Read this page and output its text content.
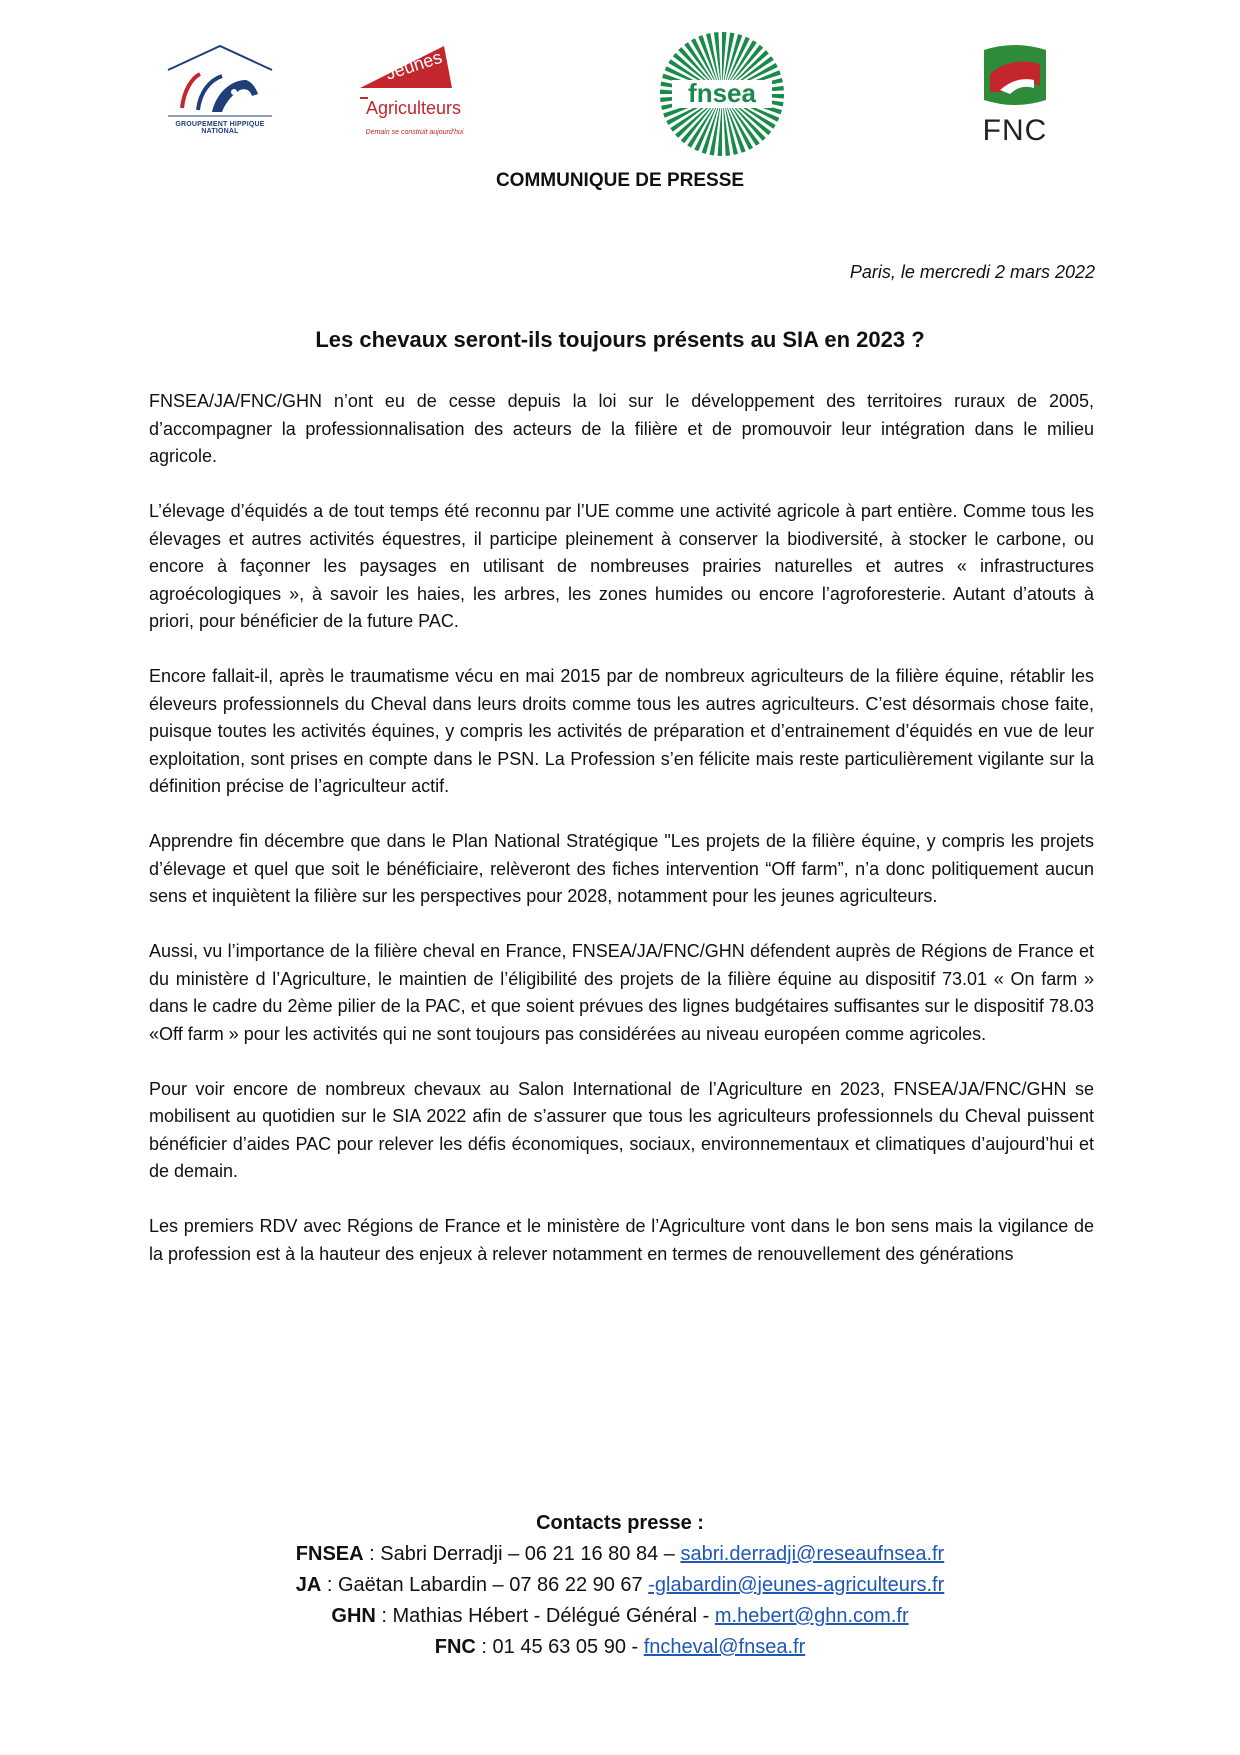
GROUPEMENT HIPPIQUE NATIONAL
Jeunes
Agriculteurs
Demain se construit aujourd'hui
fnsea
FNC
COMMUNIQUE DE PRESSE
Paris, le mercredi 2 mars 2022
Les chevaux seront-ils toujours présents au SIA en 2023 ?

FNSEA/JA/FNC/GHN n’ont eu de cesse depuis la loi sur le développement des territoires ruraux de 2005, d’accompagner la professionnalisation des acteurs de la filière et de promouvoir leur intégration dans le milieu agricole.

L’élevage d’équidés a de tout temps été reconnu par l’UE comme une activité agricole à part entière. Comme tous les élevages et autres activités équestres, il participe pleinement à conserver la biodiversité, à stocker le carbone, ou encore à façonner les paysages en utilisant de nombreuses prairies naturelles et autres « infrastructures agroécologiques », à savoir les haies, les arbres, les zones humides ou encore l’agroforesterie. Autant d’atouts à priori, pour bénéficier de la future PAC.

Encore fallait-il, après le traumatisme vécu en mai 2015 par de nombreux agriculteurs de la filière équine, rétablir les éleveurs professionnels du Cheval dans leurs droits comme tous les autres agriculteurs. C’est désormais chose faite, puisque toutes les activités équines, y compris les activités de préparation et d’entrainement d’équidés en vue de leur exploitation, sont prises en compte dans le PSN. La Profession s’en félicite mais reste particulièrement vigilante sur la définition précise de l’agriculteur actif.

Apprendre fin décembre que dans le Plan National Stratégique "Les projets de la filière équine, y compris les projets d’élevage et quel que soit le bénéficiaire, relèveront des fiches intervention “Off farm”, n’a donc politiquement aucun sens et inquiètent la filière sur les perspectives pour 2028, notamment pour les jeunes agriculteurs.

Aussi, vu l’importance de la filière cheval en France, FNSEA/JA/FNC/GHN défendent auprès de Régions de France et du ministère d l’Agriculture, le maintien de l’éligibilité des projets de la filière équine au dispositif 73.01 « On farm » dans le cadre du 2ème pilier de la PAC, et que soient prévues des lignes budgétaires suffisantes sur le dispositif 78.03 «Off farm » pour les activités qui ne sont toujours pas considérées au niveau européen comme agricoles.

Pour voir encore de nombreux chevaux au Salon International de l’Agriculture en 2023, FNSEA/JA/FNC/GHN se mobilisent au quotidien sur le SIA 2022 afin de s’assurer que tous les agriculteurs professionnels du Cheval puissent bénéficier d’aides PAC pour relever les défis économiques, sociaux, environnementaux et climatiques d’aujourd’hui et de demain.

Les premiers RDV avec Régions de France et le ministère de l’Agriculture vont dans le bon sens mais la vigilance de la profession est à la hauteur des enjeux à relever notamment en termes de renouvellement des générations

Contacts presse :
FNSEA : Sabri Derradji – 06 21 16 80 84 – sabri.derradji@reseaufnsea.fr
JA : Gaëtan Labardin – 07 86 22 90 67 -glabardin@jeunes-agriculteurs.fr
GHN : Mathias Hébert - Délégué Général - m.hebert@ghn.com.fr
FNC : 01 45 63 05 90 - fncheval@fnsea.fr
